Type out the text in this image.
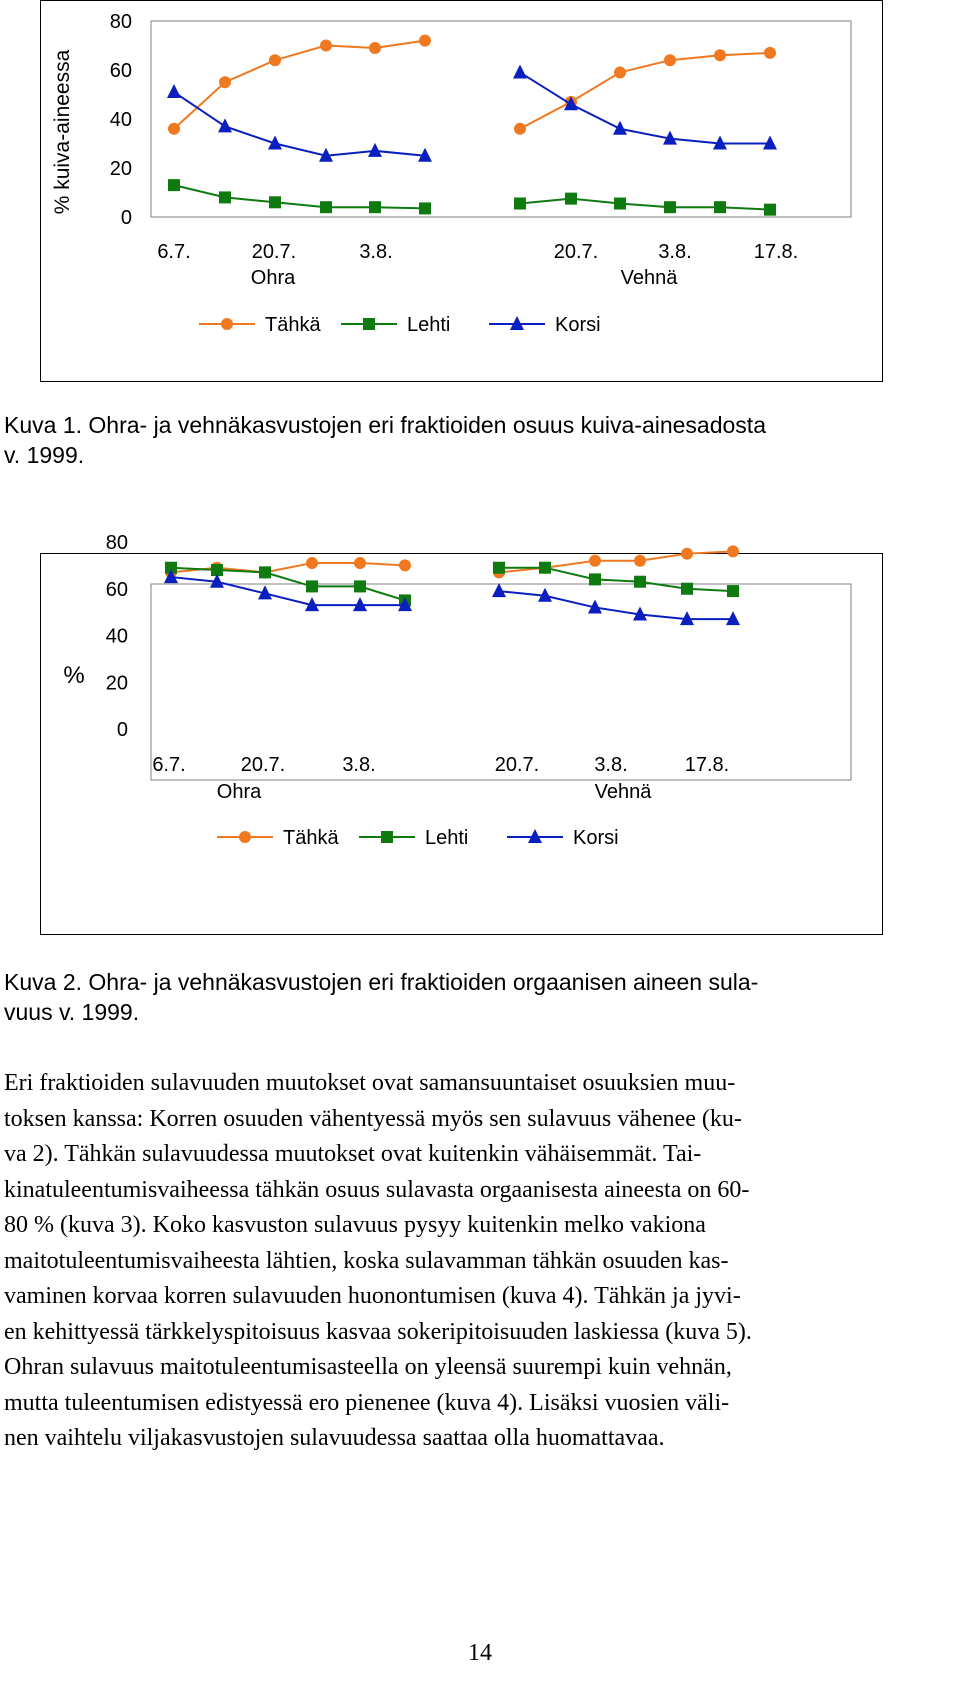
% kuiva-aineessa
0
20
40
60
80
6.7.	20.7.	3.8.	20.7.	3.8.	17.8.
Ohra	Vehnä
Tähkä	Lehti	Korsi
Kuva 1. Ohra- ja vehnäkasvustojen eri fraktioiden osuus kuiva-ainesadosta
v. 1999.
%
0
20
40
60
80
6.7.	20.7.	3.8.	20.7.	3.8.	17.8.
Ohra	Vehnä
Tähkä	Lehti	Korsi
Kuva 2. Ohra- ja vehnäkasvustojen eri fraktioiden orgaanisen aineen sula-
vuus v. 1999.
Eri fraktioiden sulavuuden muutokset ovat samansuuntaiset osuuksien muu-
toksen kanssa: Korren osuuden vähentyessä myös sen sulavuus vähenee (ku-
va 2). Tähkän sulavuudessa muutokset ovat kuitenkin vähäisemmät. Tai-
kinatuleentumisvaiheessa tähkän osuus sulavasta orgaanisesta aineesta on 60-
80 % (kuva 3). Koko kasvuston sulavuus pysyy kuitenkin melko vakiona
maitotuleentumisvaiheesta lähtien, koska sulavamman tähkän osuuden kas-
vaminen korvaa korren sulavuuden huonontumisen (kuva 4). Tähkän ja jyvi-
en kehittyessä tärkkelyspitoisuus kasvaa sokeripitoisuuden laskiessa (kuva 5).
Ohran sulavuus maitotuleentumisasteella on yleensä suurempi kuin vehnän,
mutta tuleentumisen edistyessä ero pienenee (kuva 4). Lisäksi vuosien väli-
nen vaihtelu viljakasvustojen sulavuudessa saattaa olla huomattavaa.
14
